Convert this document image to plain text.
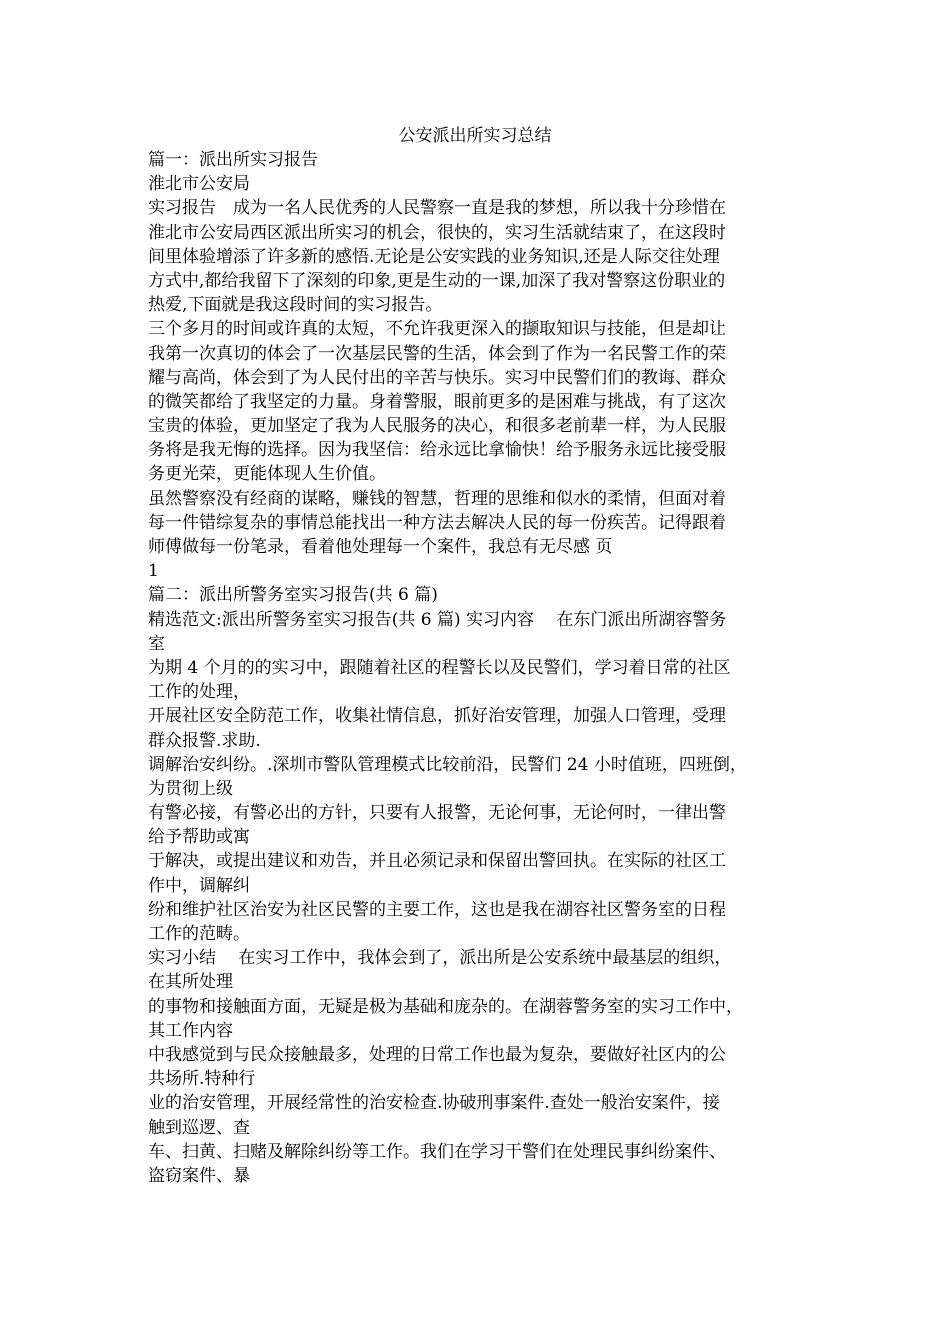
公安派出所实习总结
篇一：派出所实习报告
淮北市公安局
实习报告　成为一名人民优秀的人民警察一直是我的梦想，所以我十分珍惜在
淮北市公安局西区派出所实习的机会，很快的，实习生活就结束了，在这段时
间里体验增添了许多新的感悟.无论是公安实践的业务知识,还是人际交往处理
方式中,都给我留下了深刻的印象,更是生动的一课,加深了我对警察这份职业的
热爱,下面就是我这段时间的实习报告。
三个多月的时间或许真的太短，不允许我更深入的撷取知识与技能，但是却让
我第一次真切的体会了一次基层民警的生活，体会到了作为一名民警工作的荣
耀与高尚，体会到了为人民付出的辛苦与快乐。实习中民警们们的教诲、群众
的微笑都给了我坚定的力量。身着警服，眼前更多的是困难与挑战，有了这次
宝贵的体验，更加坚定了我为人民服务的决心，和很多老前辈一样，为人民服
务将是我无悔的选择。因为我坚信：给永远比拿愉快！给予服务永远比接受服
务更光荣，更能体现人生价值。
虽然警察没有经商的谋略，赚钱的智慧，哲理的思维和似水的柔情，但面对着
每一件错综复杂的事情总能找出一种方法去解决人民的每一份疾苦。记得跟着
师傅做每一份笔录，看着他处理每一个案件，我总有无尽感 页
1
篇二：派出所警务室实习报告(共 6 篇)
精选范文:派出所警务室实习报告(共 6 篇) 实习内容　 在东门派出所湖容警务
室
为期 4 个月的的实习中，跟随着社区的程警长以及民警们，学习着日常的社区
工作的处理，
开展社区安全防范工作，收集社情信息，抓好治安管理，加强人口管理，受理
群众报警.求助.
调解治安纠纷。.深圳市警队管理模式比较前沿，民警们 24 小时值班，四班倒，
为贯彻上级
有警必接，有警必出的方针，只要有人报警，无论何事，无论何时，一律出警
给予帮助或寓
于解决，或提出建议和劝告，并且必须记录和保留出警回执。在实际的社区工
作中，调解纠
纷和维护社区治安为社区民警的主要工作，这也是我在湖容社区警务室的日程
工作的范畴。
实习小结　 在实习工作中，我体会到了，派出所是公安系统中最基层的组织，
在其所处理
的事物和接触面方面，无疑是极为基础和庞杂的。在湖蓉警务室的实习工作中，
其工作内容
中我感觉到与民众接触最多，处理的日常工作也最为复杂，要做好社区内的公
共场所.特种行
业的治安管理，开展经常性的治安检查.协破刑事案件.查处一般治安案件，接
触到巡逻、查
车、扫黄、扫赌及解除纠纷等工作。我们在学习干警们在处理民事纠纷案件、
盗窃案件、暴
